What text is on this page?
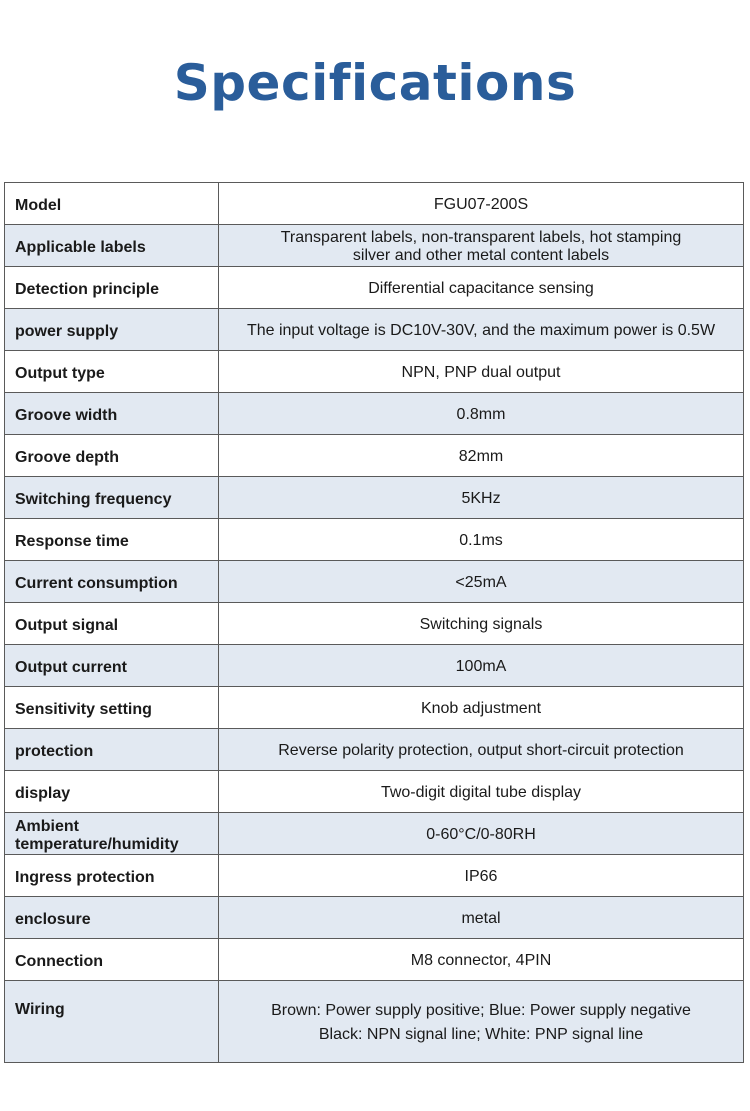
Specifications
Model	FGU07-200S
Applicable labels	Transparent labels, non-transparent labels, hot stamping
silver and other metal content labels

Detection principle	Differential capacitance sensing
power supply	The input voltage is DC10V-30V, and the maximum power is 0.5W
Output type	NPN, PNP dual output
Groove width	0.8mm
Groove depth	82mm
Switching frequency	5KHz
Response time	0.1ms
Current consumption	<25mA
Output signal	Switching signals
Output current	100mA
Sensitivity setting	Knob adjustment
protection	Reverse polarity protection, output short-circuit protection
display	Two-digit digital tube display

Ambient
temperature/humidity	0-60°C/0-80RH
Ingress protection	IP66
enclosure	metal
Connection	M8 connector, 4PIN
Wiring	Brown: Power supply positive; Blue: Power supply negative
Black: NPN signal line; White: PNP signal line
